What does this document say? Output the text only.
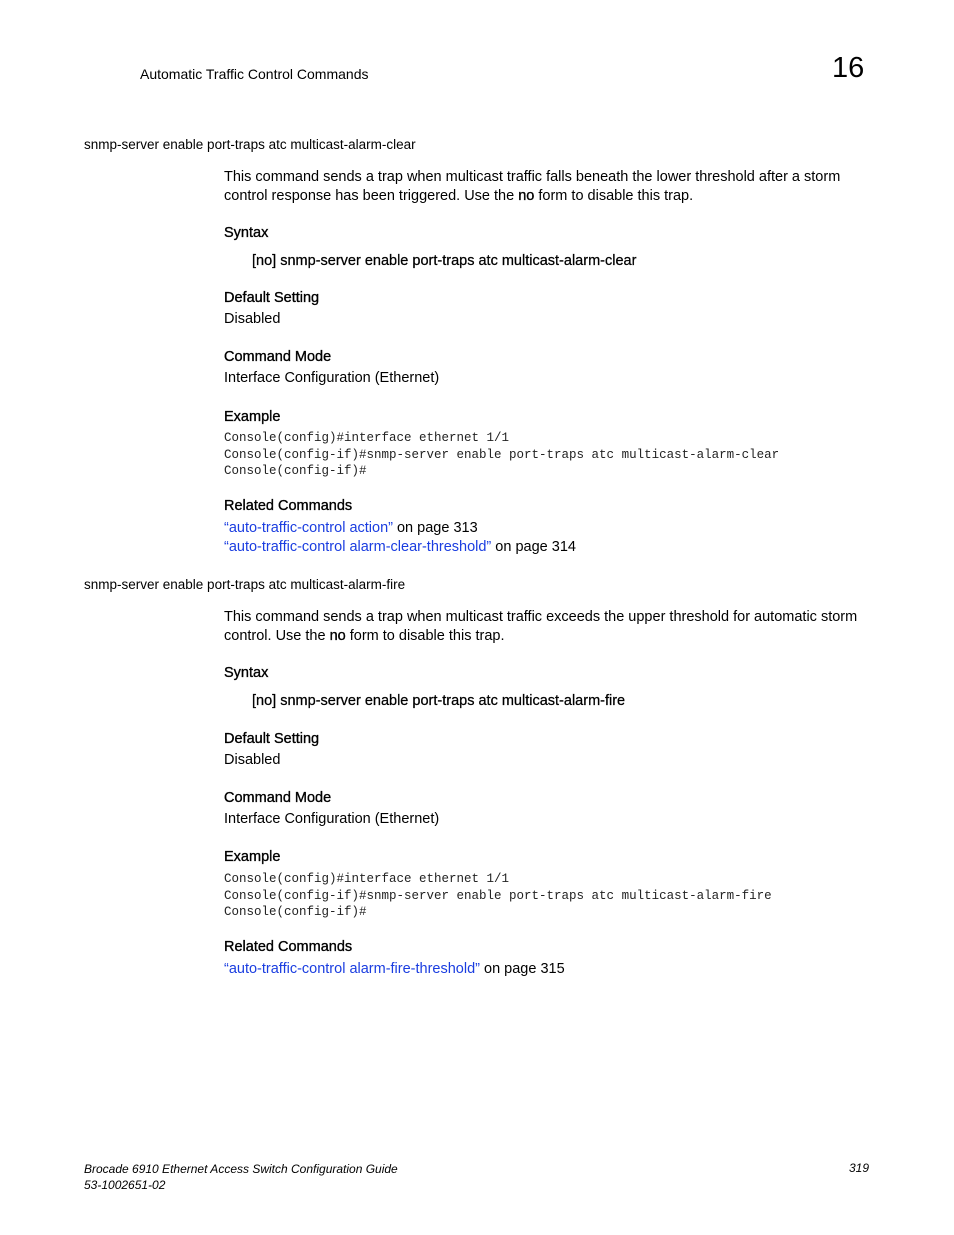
Automatic Traffic Control Commands	16
snmp-server enable port-traps atc multicast-alarm-clear
This command sends a trap when multicast traffic falls beneath the lower threshold after a storm control response has been triggered. Use the no form to disable this trap.
Syntax
[no] snmp-server enable port-traps atc multicast-alarm-clear
Default Setting
Disabled
Command Mode
Interface Configuration (Ethernet)
Example
Console(config)#interface ethernet 1/1
Console(config-if)#snmp-server enable port-traps atc multicast-alarm-clear
Console(config-if)#
Related Commands
“auto-traffic-control action” on page 313
“auto-traffic-control alarm-clear-threshold” on page 314
snmp-server enable port-traps atc multicast-alarm-fire
This command sends a trap when multicast traffic exceeds the upper threshold for automatic storm control. Use the no form to disable this trap.
Syntax
[no] snmp-server enable port-traps atc multicast-alarm-fire
Default Setting
Disabled
Command Mode
Interface Configuration (Ethernet)
Example
Console(config)#interface ethernet 1/1
Console(config-if)#snmp-server enable port-traps atc multicast-alarm-fire
Console(config-if)#
Related Commands
“auto-traffic-control alarm-fire-threshold” on page 315
Brocade 6910 Ethernet Access Switch Configuration Guide
53-1002651-02
319
